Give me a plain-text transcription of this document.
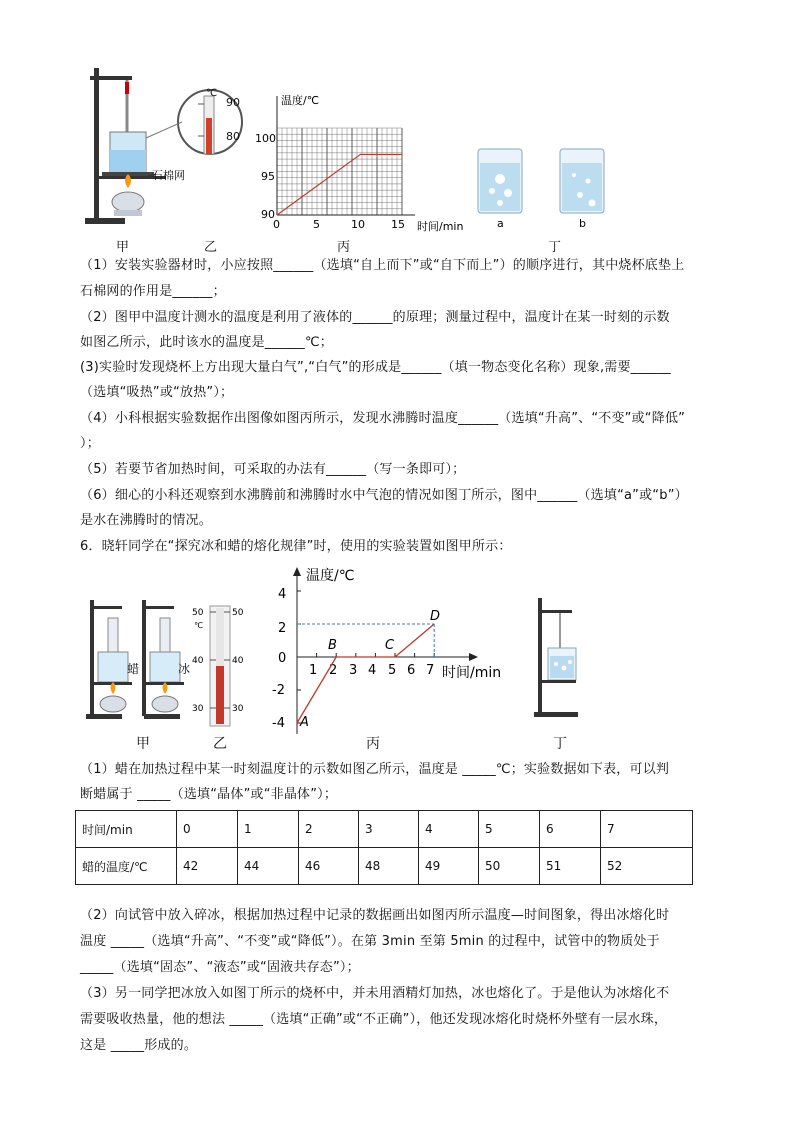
石棉网
℃
90
80
温度/℃
时间/min
100
95
90
0	5	10 15	a	b
甲	乙	丙	丁
（1）安装实验器材时，小应按照______（选填“自上而下”或“自下而上”）的顺序进行，其中烧杯底垫上
石棉网的作用是______；
（2）图甲中温度计测水的温度是利用了液体的______的原理；测量过程中，温度计在某一时刻的示数
如图乙所示，此时该水的温度是______℃；
(3)实验时发现烧杯上方出现大量白气”,“白气”的形成是______（填一物态变化名称）现象,需要______
（选填“吸热”或“放热”）；
（4）小科根据实验数据作出图像如图丙所示，发现水沸腾时温度______（选填“升高”、“不变”或“降低”
）；
（5）若要节省加热时间，可采取的办法有______（写一条即可）；
（6）细心的小科还观察到水沸腾前和沸腾时水中气泡的情况如图丁所示，图中______（选填“a”或“b”）
是水在沸腾时的情况。
6．晓轩同学在“探究冰和蜡的熔化规律”时，使用的实验装置如图甲所示：
蜡	冰
50
40
30
50
40
30
℃
温度/℃
时间/min
4
2
0
-2
-4
1 2 3 4 5 6 7
A
B	C
D
甲	乙	丙	丁
（1）蜡在加热过程中某一时刻温度计的示数如图乙所示，温度是 _____℃；实验数据如下表，可以判
断蜡属于 _____（选填“晶体”或“非晶体”）；
时间/min	0	1	2	3	4	5	6	7
蜡的温度/℃	42	44	46	48	49	50	51	52
（2）向试管中放入碎冰，根据加热过程中记录的数据画出如图丙所示温度—时间图象，得出冰熔化时
温度 _____（选填“升高”、“不变”或“降低”）。在第 3min 至第 5min 的过程中，试管中的物质处于
_____（选填“固态”、“液态”或“固液共存态”）；
（3）另一同学把冰放入如图丁所示的烧杯中，并未用酒精灯加热，冰也熔化了。于是他认为冰熔化不
需要吸收热量，他的想法 _____（选填“正确”或“不正确”），他还发现冰熔化时烧杯外壁有一层水珠，
这是 _____形成的。
